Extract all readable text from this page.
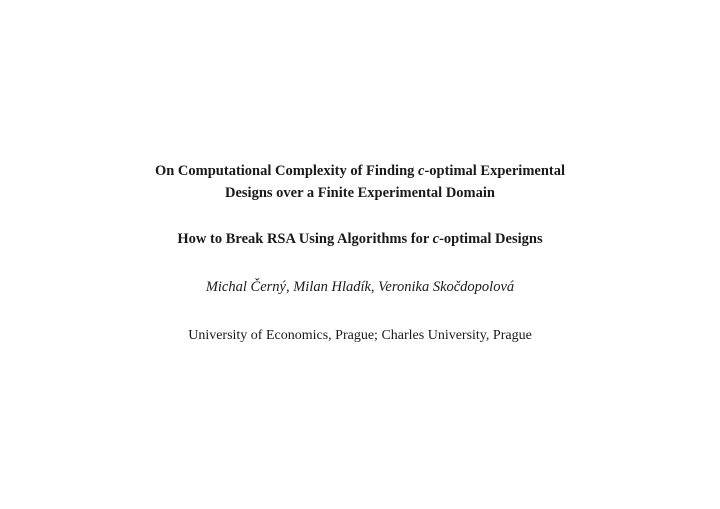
On Computational Complexity of Finding c-optimal Experimental
Designs over a Finite Experimental Domain
How to Break RSA Using Algorithms for c-optimal Designs
Michal Černý, Milan Hladík, Veronika Skočdopolová
University of Economics, Prague; Charles University, Prague
